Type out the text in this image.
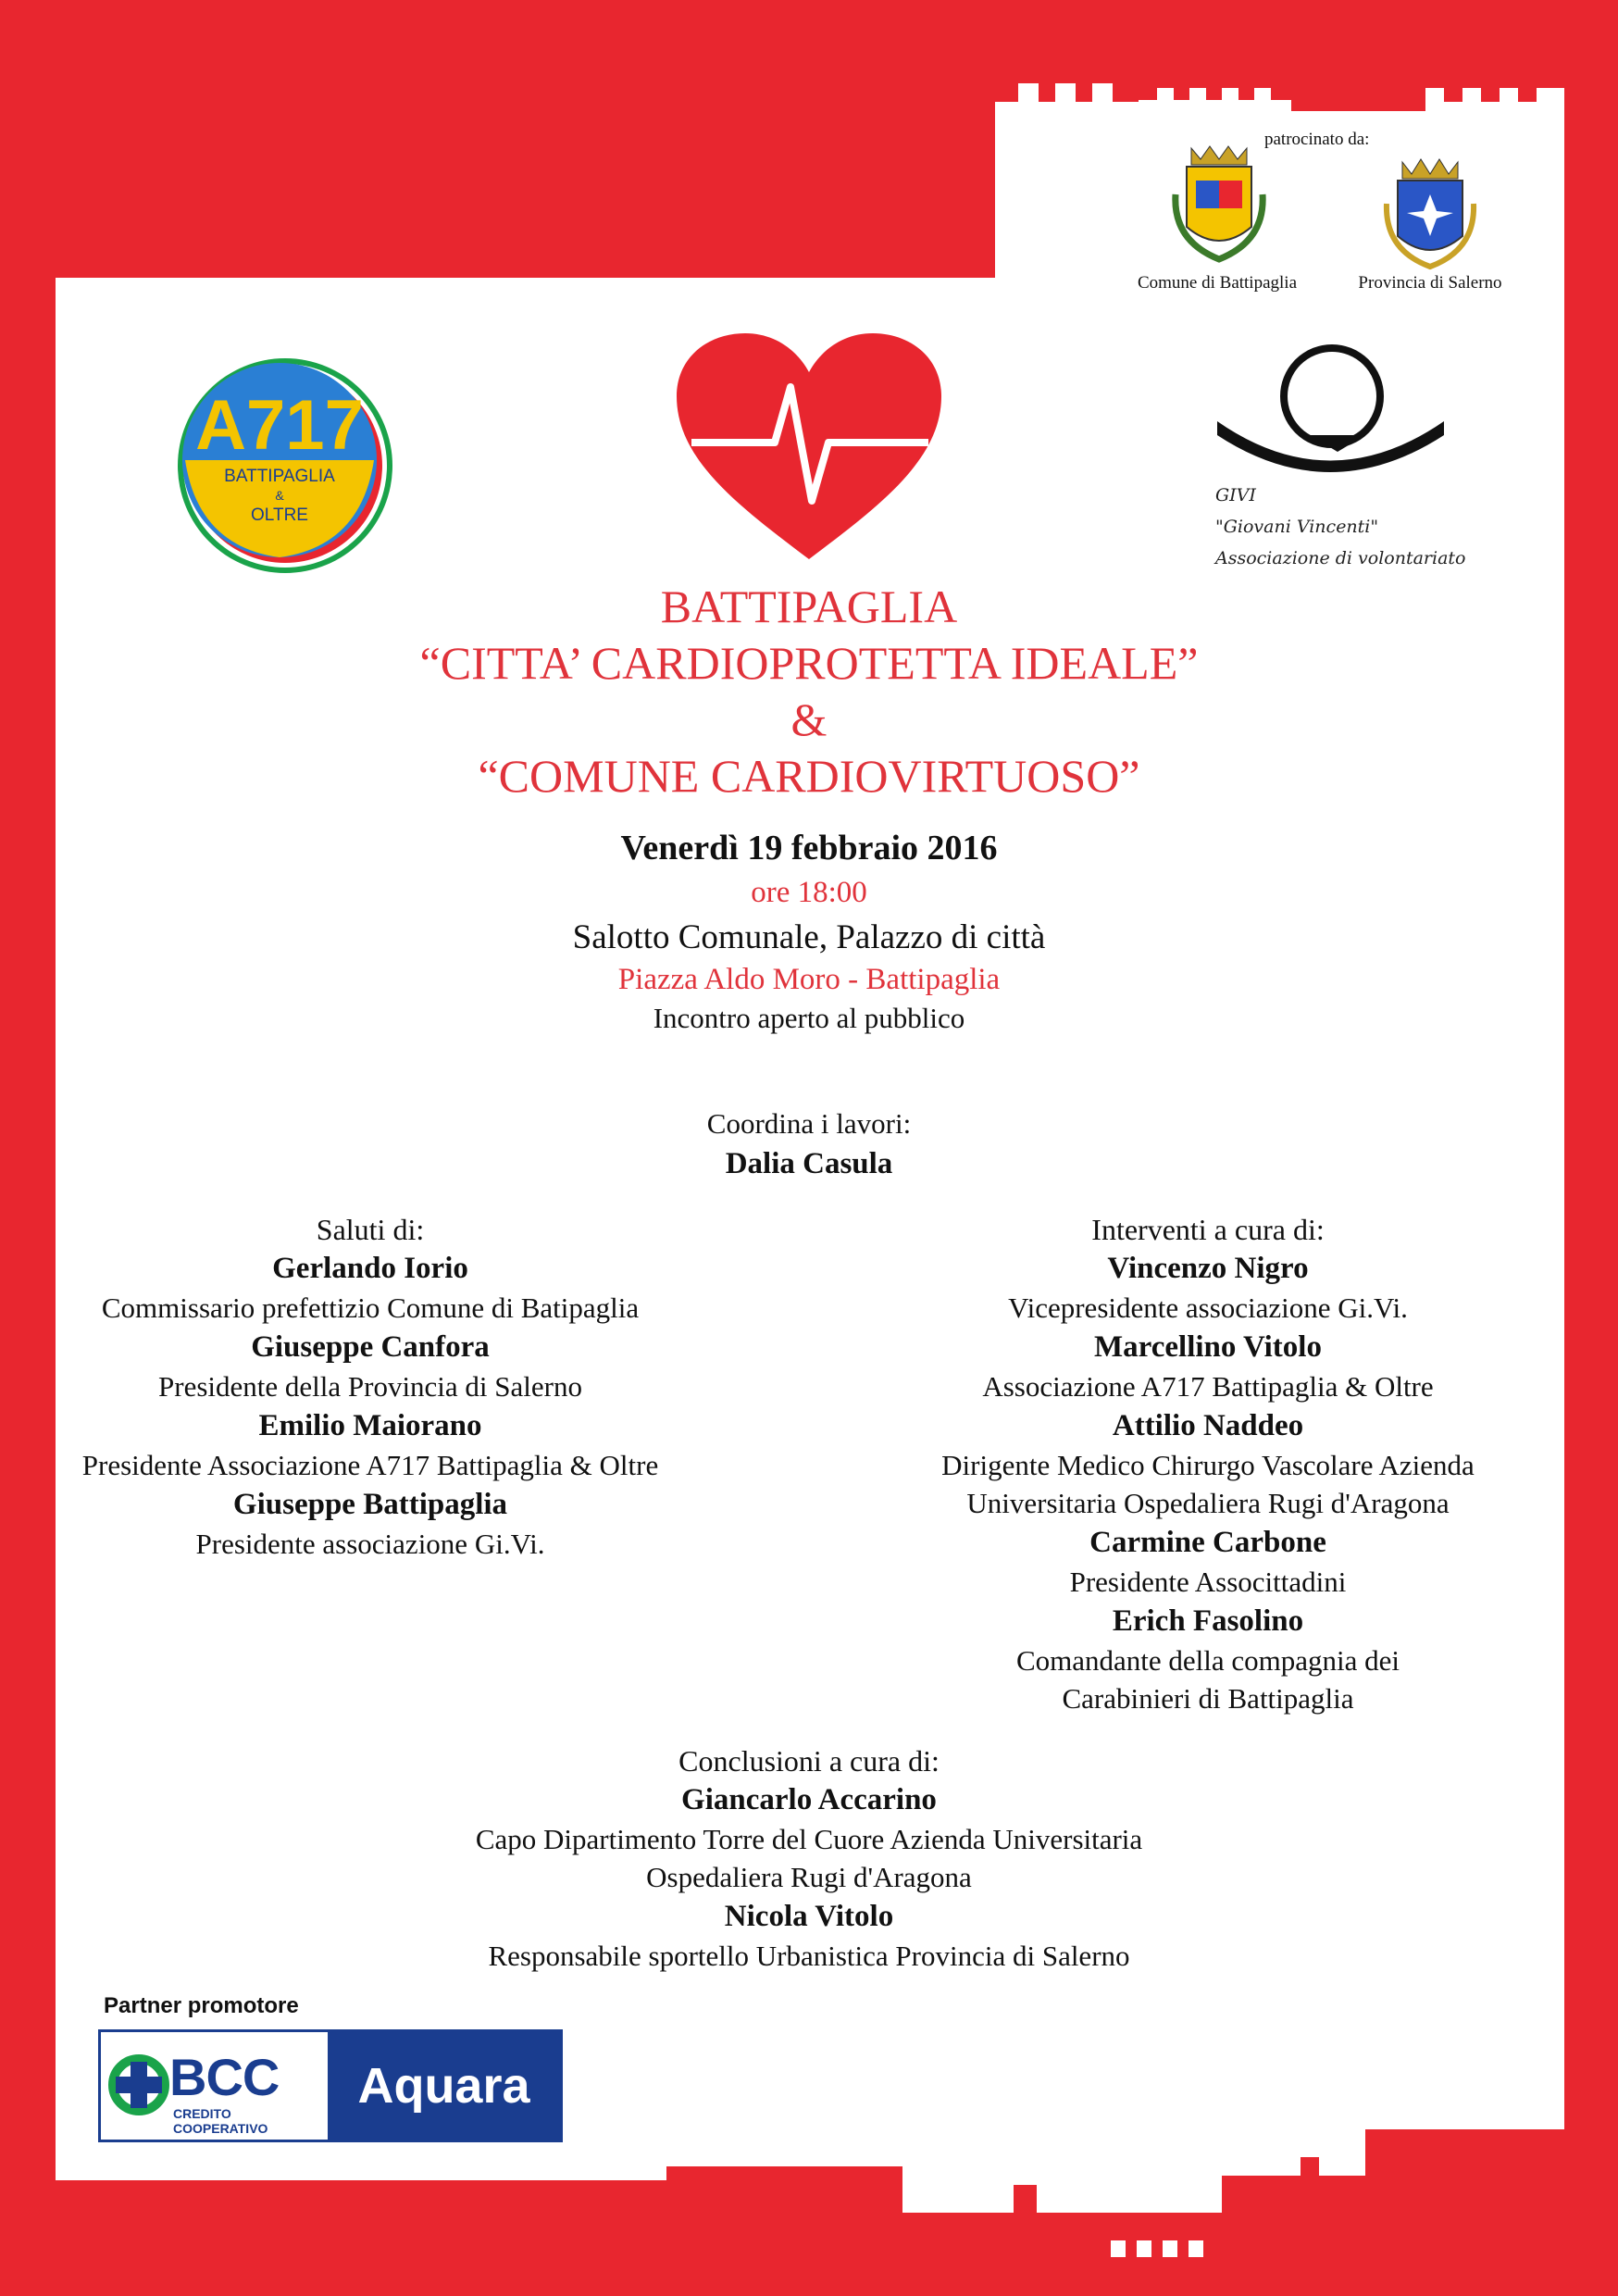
patrocinato da:
Comune di Battipaglia	Provincia di Salerno
A717
BATTIPAGLIA
&
OLTRE
GIVI
"Giovani Vincenti"
Associazione di volontariato
BATTIPAGLIA
“CITTA’ CARDIOPROTETTA IDEALE”
&
“COMUNE CARDIOVIRTUOSO”
Venerdì 19 febbraio 2016
ore 18:00
Salotto Comunale, Palazzo di città
Piazza Aldo Moro - Battipaglia
Incontro aperto al pubblico
Coordina i lavori:
Dalia Casula
Saluti di:
Gerlando Iorio
Commissario prefettizio Comune di Batipaglia
Giuseppe Canfora
Presidente della Provincia di Salerno
Emilio Maiorano
Presidente Associazione A717 Battipaglia & Oltre
Giuseppe Battipaglia
Presidente associazione Gi.Vi.
Interventi a cura di:
Vincenzo Nigro
Vicepresidente associazione Gi.Vi.
Marcellino Vitolo
Associazione A717 Battipaglia & Oltre
Attilio Naddeo
Dirigente Medico Chirurgo Vascolare Azienda
Universitaria Ospedaliera Rugi d'Aragona
Carmine Carbone
Presidente Associttadini
Erich Fasolino
Comandante della compagnia dei
Carabinieri di Battipaglia
Conclusioni a cura di:
Giancarlo Accarino
Capo Dipartimento Torre del Cuore Azienda Universitaria
Ospedaliera Rugi d'Aragona
Nicola Vitolo
Responsabile sportello Urbanistica Provincia di Salerno
Partner promotore
BCC
CREDITO COOPERATIVO
Aquara
